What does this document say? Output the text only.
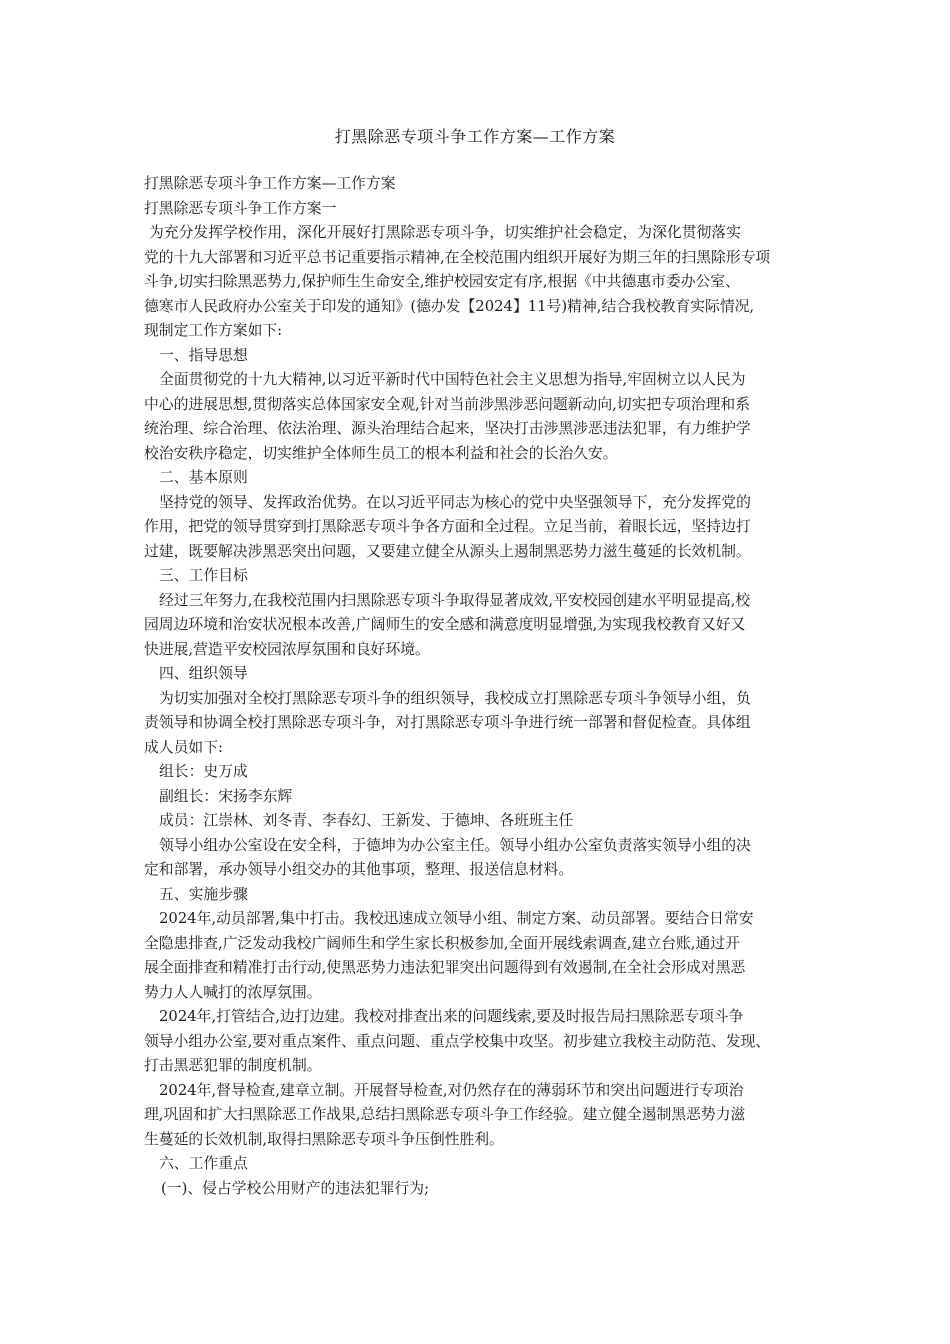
打黑除恶专项斗争工作方案—工作方案
打黑除恶专项斗争工作方案—工作方案
打黑除恶专项斗争工作方案一
为充分发挥学校作用，深化开展好打黑除恶专项斗争，切实维护社会稳定，为深化贯彻落实
党的十九大部署和习近平总书记重要指示精神,在全校范围内组织开展好为期三年的扫黑除形专项
斗争,切实扫除黑恶势力,保护师生生命安全,维护校园安定有序,根据《中共德惠市委办公室、
德寒市人民政府办公室关于印发的通知》(德办发【2024】11号)精神,结合我校教育实际情况,
现制定工作方案如下:
一、指导思想
全面贯彻党的十九大精神,以习近平新时代中国特色社会主义思想为指导,牢固树立以人民为
中心的进展思想,贯彻落实总体国家安全观,针对当前涉黑涉恶问题新动向,切实把专项治理和系
统治理、综合治理、依法治理、源头治理结合起来，坚决打击涉黑涉恶违法犯罪，有力维护学
校治安秩序稳定，切实维护全体师生员工的根本利益和社会的长治久安。
二、基本原则
坚持党的领导、发挥政治优势。在以习近平同志为核心的党中央坚强领导下，充分发挥党的
作用，把党的领导贯穿到打黑除恶专项斗争各方面和全过程。立足当前，着眼长远，坚持边打
过建，既要解决涉黑恶突出问题，又要建立健全从源头上遏制黑恶势力滋生蔓延的长效机制。
三、工作目标
经过三年努力,在我校范围内扫黑除恶专项斗争取得显著成效,平安校园创建水平明显提高,校
园周边环境和治安状况根本改善,广阔师生的安全感和满意度明显增强,为实现我校教育又好又
快进展,营造平安校园浓厚氛围和良好环境。
四、组织领导
为切实加强对全校打黑除恶专项斗争的组织领导，我校成立打黑除恶专项斗争领导小组，负
责领导和协调全校打黑除恶专项斗争，对打黑除恶专项斗争进行统一部署和督促检查。具体组
成人员如下:
组长：史万成
副组长：宋扬李东辉
成员：江崇林、刘冬青、李春幻、王新发、于德坤、各班班主任
领导小组办公室设在安全科，于德坤为办公室主任。领导小组办公室负责落实领导小组的决
定和部署，承办领导小组交办的其他事项，整理、报送信息材料。
五、实施步骤
2024年,动员部署,集中打击。我校迅速成立领导小组、制定方案、动员部署。要结合日常安
全隐患排查,广泛发动我校广阔师生和学生家长积极参加,全面开展线索调查,建立台账,通过开
展全面排查和精准打击行动,使黑恶势力违法犯罪突出问题得到有效遏制,在全社会形成对黑恶
势力人人喊打的浓厚氛围。
2024年,打管结合,边打边建。我校对排查出来的问题线索,要及时报告局扫黑除恶专项斗争
领导小组办公室,要对重点案件、重点问题、重点学校集中攻坚。初步建立我校主动防范、发现、
打击黑恶犯罪的制度机制。
2024年,督导检查,建章立制。开展督导检查,对仍然存在的薄弱环节和突出问题进行专项治
理,巩固和扩大扫黑除恶工作战果,总结扫黑除恶专项斗争工作经验。建立健全遏制黑恶势力滋
生蔓延的长效机制,取得扫黑除恶专项斗争压倒性胜利。
六、工作重点
(一)、侵占学校公用财产的违法犯罪行为;
